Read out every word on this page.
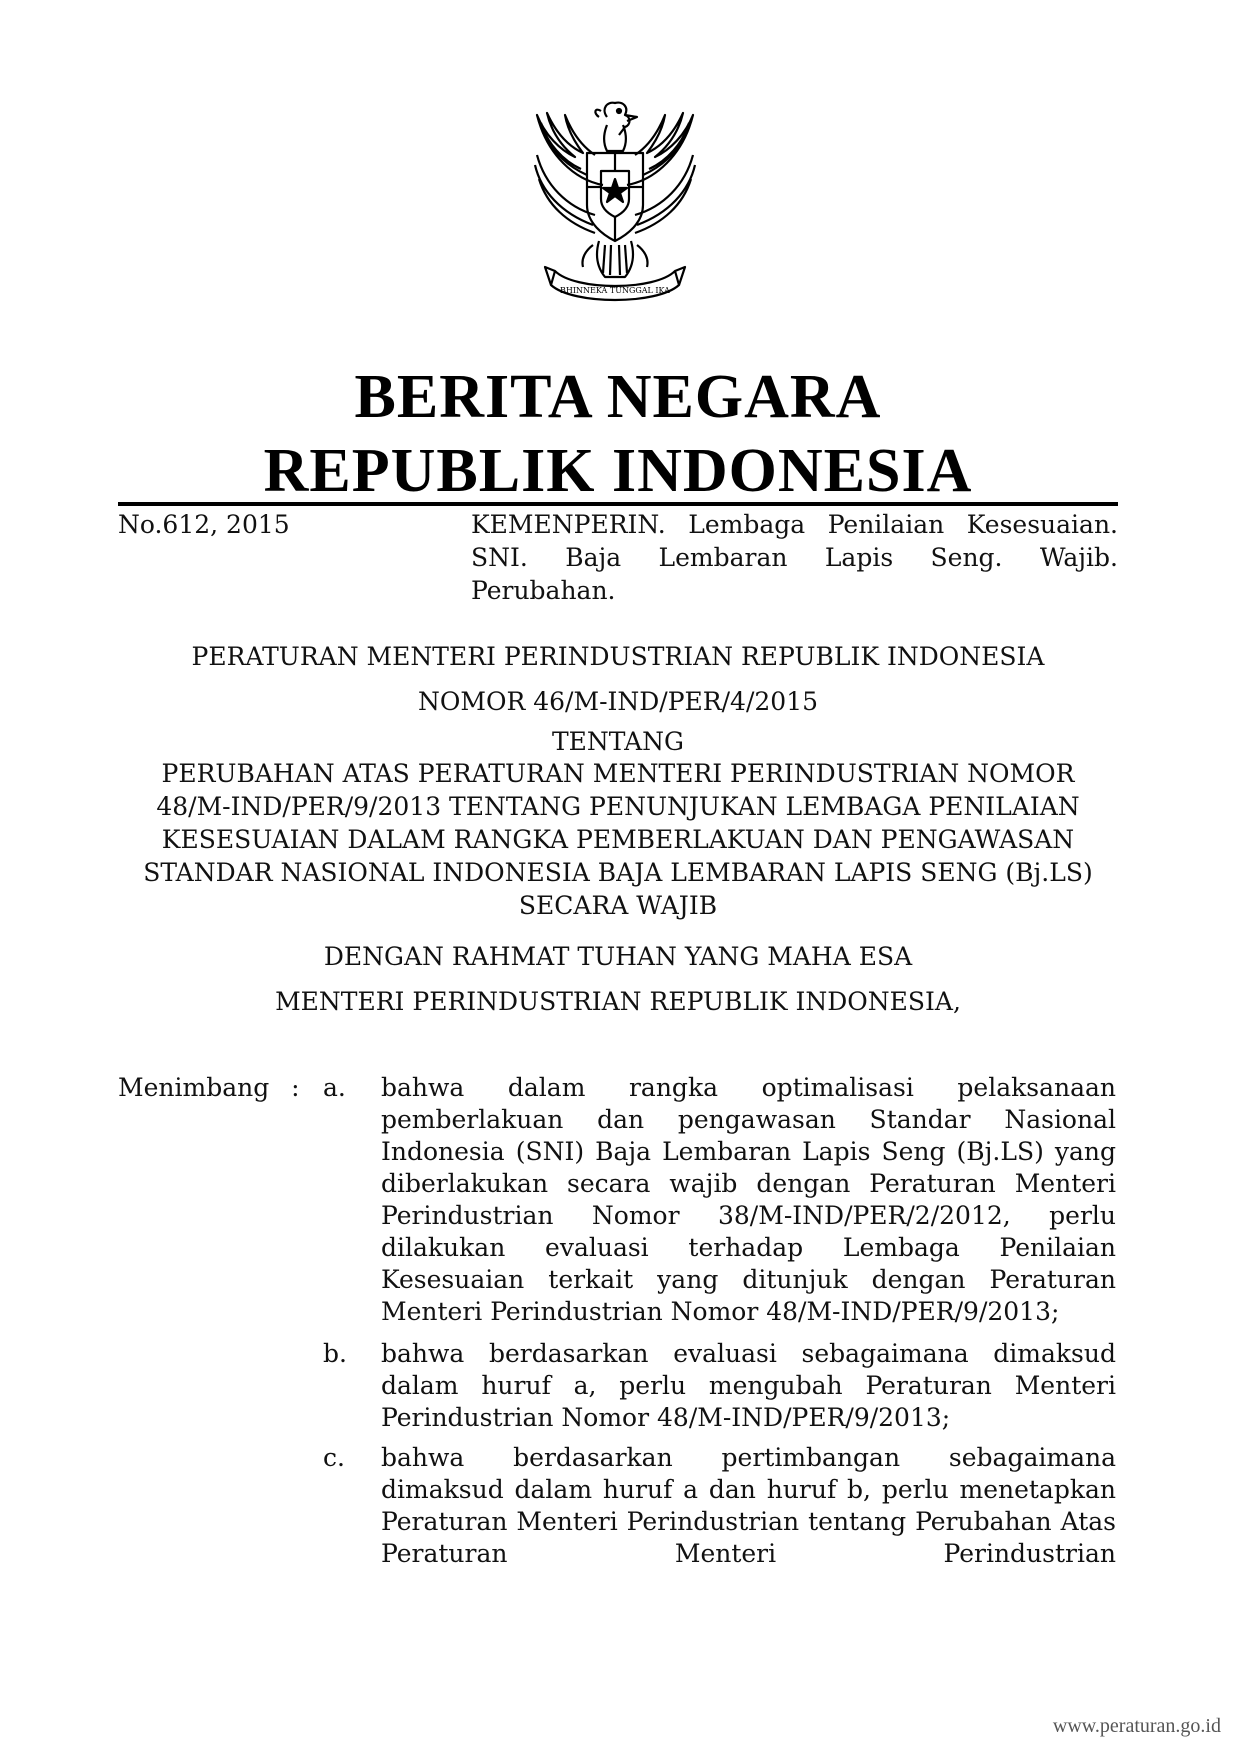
BHINNEKA TUNGGAL IKA
BERITA NEGARA
REPUBLIK INDONESIA
No.612, 2015	KEMENPERIN. Lembaga Penilaian Kesesuaian. SNI. Baja Lembaran Lapis Seng. Wajib. Perubahan.
PERATURAN MENTERI PERINDUSTRIAN REPUBLIK INDONESIA
NOMOR 46/M-IND/PER/4/2015
TENTANG
PERUBAHAN ATAS PERATURAN MENTERI PERINDUSTRIAN NOMOR
48/M-IND/PER/9/2013 TENTANG PENUNJUKAN LEMBAGA PENILAIAN
KESESUAIAN DALAM RANGKA PEMBERLAKUAN DAN PENGAWASAN
STANDAR NASIONAL INDONESIA BAJA LEMBARAN LAPIS SENG (Bj.LS)
SECARA WAJIB
DENGAN RAHMAT TUHAN YANG MAHA ESA
MENTERI PERINDUSTRIAN REPUBLIK INDONESIA,
Menimbang : a. bahwa dalam rangka optimalisasi pelaksanaan pemberlakuan dan pengawasan Standar Nasional Indonesia (SNI) Baja Lembaran Lapis Seng (Bj.LS) yang diberlakukan secara wajib dengan Peraturan Menteri Perindustrian Nomor 38/M-IND/PER/2/2012, perlu dilakukan evaluasi terhadap Lembaga Penilaian Kesesuaian terkait yang ditunjuk dengan Peraturan Menteri Perindustrian Nomor 48/M-IND/PER/9/2013;
b. bahwa berdasarkan evaluasi sebagaimana dimaksud dalam huruf a, perlu mengubah Peraturan Menteri Perindustrian Nomor 48/M-IND/PER/9/2013;
c. bahwa berdasarkan pertimbangan sebagaimana dimaksud dalam huruf a dan huruf b, perlu menetapkan Peraturan Menteri Perindustrian tentang Perubahan Atas Peraturan Menteri Perindustrian
www.peraturan.go.id
